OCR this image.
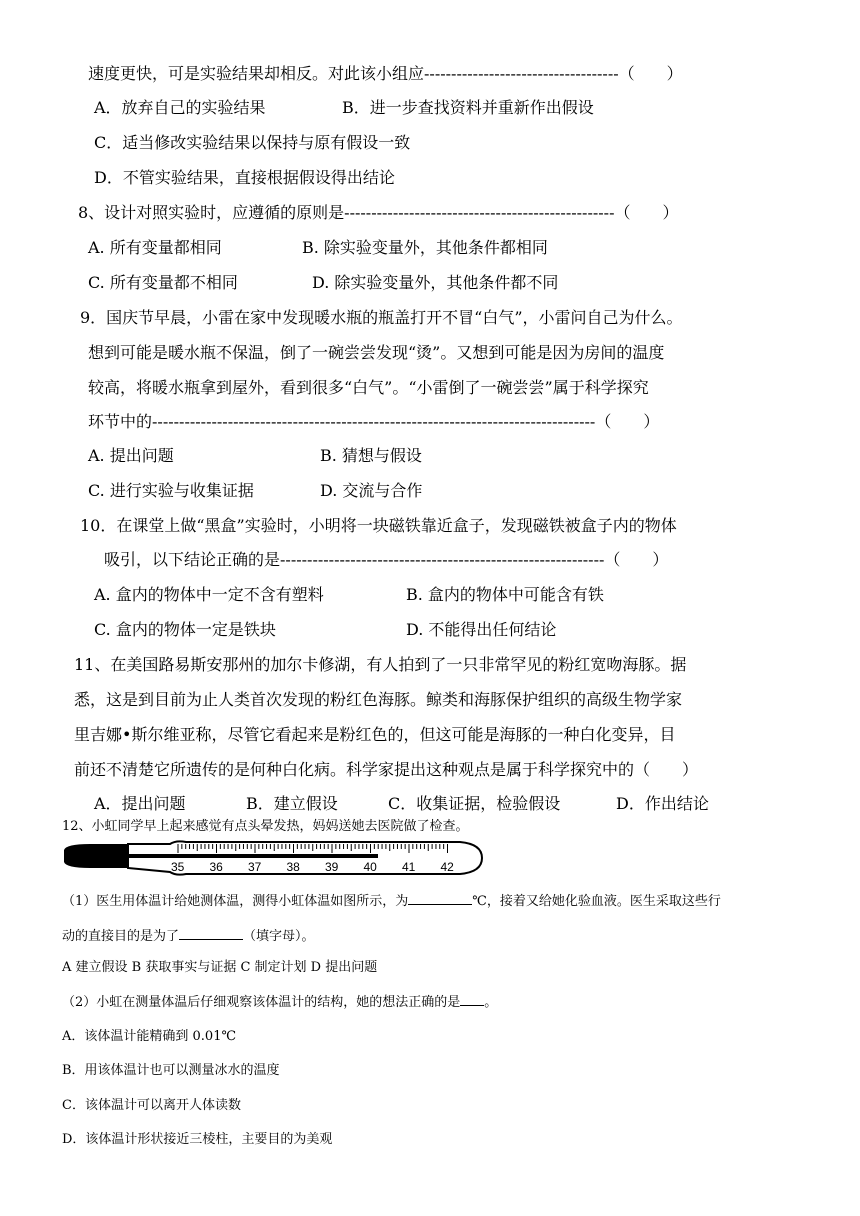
速度更快，可是实验结果却相反。对此该小组应------------------------------------（　　）
A．放弃自己的实验结果	B．进一步查找资料并重新作出假设
C．适当修改实验结果以保持与原有假设一致
D．不管实验结果，直接根据假设得出结论
8、设计对照实验时，应遵循的原则是--------------------------------------------------（　　）
A. 所有变量都相同	B. 除实验变量外，其他条件都相同
C. 所有变量都不相同	D. 除实验变量外，其他条件都不同
9．国庆节早晨，小雷在家中发现暖水瓶的瓶盖打开不冒“白气”，小雷问自己为什么。
想到可能是暖水瓶不保温，倒了一碗尝尝发现“烫”。又想到可能是因为房间的温度
较高，将暖水瓶拿到屋外，看到很多“白气”。“小雷倒了一碗尝尝”属于科学探究
环节中的----------------------------------------------------------------------------------（　　）
A. 提出问题	B. 猜想与假设
C. 进行实验与收集证据	D. 交流与合作
10．在课堂上做“黑盒”实验时，小明将一块磁铁靠近盒子，发现磁铁被盒子内的物体
吸引，以下结论正确的是------------------------------------------------------------（　　）
A. 盒内的物体中一定不含有塑料	B. 盒内的物体中可能含有铁
C. 盒内的物体一定是铁块	D. 不能得出任何结论
11、在美国路易斯安那州的加尔卡修湖，有人拍到了一只非常罕见的粉红宽吻海豚。据
悉，这是到目前为止人类首次发现的粉红色海豚。鲸类和海豚保护组织的高级生物学家
里吉娜•斯尔维亚称，尽管它看起来是粉红色的，但这可能是海豚的一种白化变异，目
前还不清楚它所遗传的是何种白化病。科学家提出这种观点是属于科学探究中的（　　）
A．提出问题	B．建立假设	C．收集证据，检验假设	D．作出结论
12、小虹同学早上起来感觉有点头晕发热，妈妈送她去医院做了检查。
35 36 37 38 39 40 41 42
（1）医生用体温计给她测体温，测得小虹体温如图所示，为	℃，接着又给她化验血液。医生采取这些行
动的直接目的是为了	（填字母）。
A 建立假设 B 获取事实与证据 C 制定计划 D 提出问题
（2）小虹在测量体温后仔细观察该体温计的结构，她的想法正确的是 。
A．该体温计能精确到 0.01℃
B．用该体温计也可以测量冰水的温度
C．该体温计可以离开人体读数
D．该体温计形状接近三棱柱，主要目的为美观
